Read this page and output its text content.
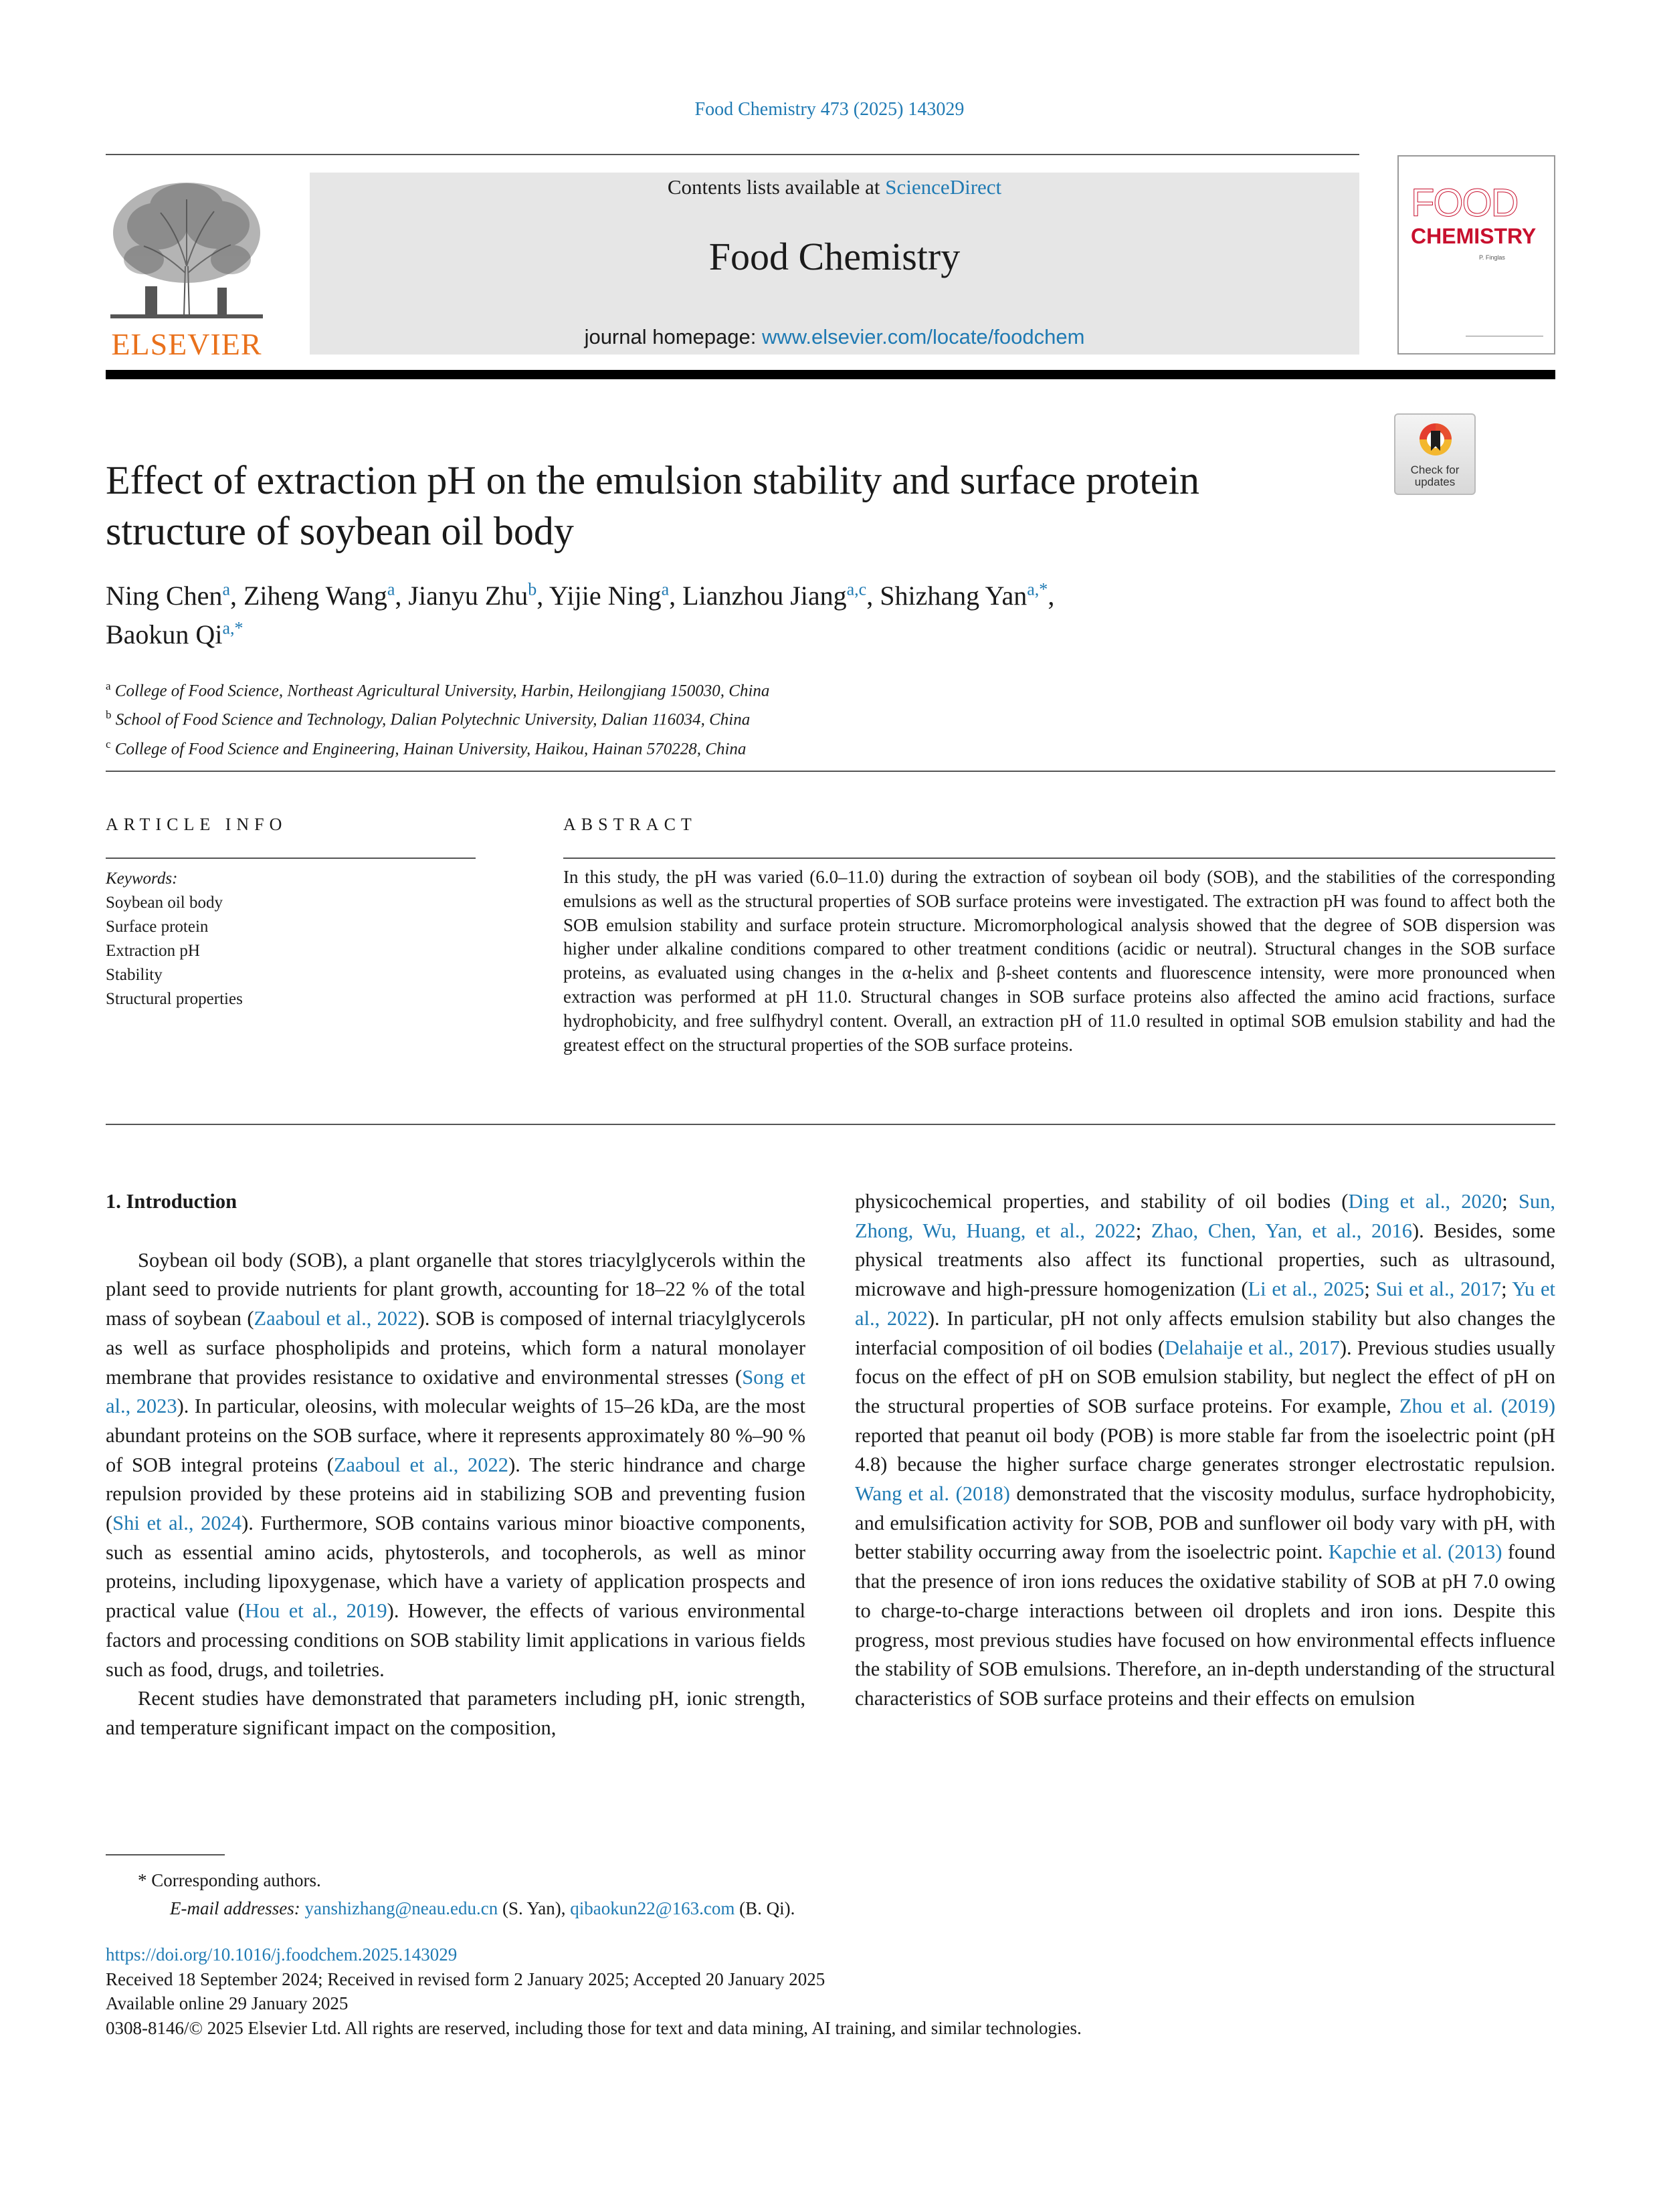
Food Chemistry 473 (2025) 143029
ELSEVIER
Contents lists available at ScienceDirect
Food Chemistry
journal homepage: www.elsevier.com/locate/foodchem
FOOD
CHEMISTRY
P. Finglas
Check for
updates
Effect of extraction pH on the emulsion stability and surface protein
structure of soybean oil body
Ning Chen$^a$, Ziheng Wang$^a$, Jianyu Zhu$^b$, Yijie Ning$^a$, Lianzhou Jiang$^{a,c}$, Shizhang Yan$^{a,*}$,
Baokun $Qi^{a,*}$
$^a$ College of Food Science, Northeast Agricultural University, Harbin, Heilongjiang 150030, China
$^b$ School of Food Science and Technology, Dalian Polytechnic University, Dalian 116034, China
$^c$ College of Food Science and Engineering, Hainan University, Haikou, Hainan 570228, China
ARTICLE INFO	ABSTRACT
Keywords:
Soybean oil body
Surface protein
Extraction pH
Stability
Structural properties
In this study, the pH was varied (6.0–11.0) during the extraction of soybean oil body (SOB), and the stabilities of the corresponding emulsions as well as the structural properties of SOB surface proteins were investigated. The extraction pH was found to affect both the SOB emulsion stability and surface protein structure. Micromorphological analysis showed that the degree of SOB dispersion was higher under alkaline conditions compared to other treatment conditions (acidic or neutral). Structural changes in the SOB surface proteins, as evaluated using changes in the α-helix and β-sheet contents and fluorescence intensity, were more pronounced when extraction was performed at pH 11.0. Structural changes in SOB surface proteins also affected the amino acid fractions, surface hydrophobicity, and free sulfhydryl content. Overall, an extraction pH of 11.0 resulted in optimal SOB emulsion stability and had the greatest effect on the structural properties of the SOB surface proteins.
1. Introduction

Soybean oil body (SOB), a plant organelle that stores triacylglycerols within the plant seed to provide nutrients for plant growth, accounting for 18–22 % of the total mass of soybean (Zaaboul et al., 2022). SOB is composed of internal triacylglycerols as well as surface phospholipids and proteins, which form a natural monolayer membrane that provides resistance to oxidative and environmental stresses (Song et al., 2023). In particular, oleosins, with molecular weights of 15–26 kDa, are the most abundant proteins on the SOB surface, where it represents approximately 80 %–90 % of SOB integral proteins (Zaaboul et al., 2022). The steric hindrance and charge repulsion provided by these proteins aid in stabilizing SOB and preventing fusion (Shi et al., 2024). Furthermore, SOB contains various minor bioactive components, such as essential amino acids, phytosterols, and tocopherols, as well as minor proteins, including lipoxygenase, which have a variety of application prospects and practical value (Hou et al., 2019). However, the effects of various environmental factors and processing conditions on SOB stability limit applications in various fields such as food, drugs, and toiletries.

Recent studies have demonstrated that parameters including pH, ionic strength, and temperature significant impact on the composition,

physicochemical properties, and stability of oil bodies (Ding et al., 2020; Sun, Zhong, Wu, Huang, et al., 2022; Zhao, Chen, Yan, et al., 2016). Besides, some physical treatments also affect its functional properties, such as ultrasound, microwave and high-pressure homogenization (Li et al., 2025; Sui et al., 2017; Yu et al., 2022). In particular, pH not only affects emulsion stability but also changes the interfacial composition of oil bodies (Delahaije et al., 2017). Previous studies usually focus on the effect of pH on SOB emulsion stability, but neglect the effect of pH on the structural properties of SOB surface proteins. For example, Zhou et al. (2019) reported that peanut oil body (POB) is more stable far from the isoelectric point (pH 4.8) because the higher surface charge generates stronger electrostatic repulsion. Wang et al. (2018) demonstrated that the viscosity modulus, surface hydrophobicity, and emulsification activity for SOB, POB and sunflower oil body vary with pH, with better stability occurring away from the isoelectric point. Kapchie et al. (2013) found that the presence of iron ions reduces the oxidative stability of SOB at pH 7.0 owing to charge-to-charge interactions between oil droplets and iron ions. Despite this progress, most previous studies have focused on how environmental effects influence the stability of SOB emulsions. Therefore, an in-depth understanding of the structural characteristics of SOB surface proteins and their effects on emulsion

* Corresponding authors.
E-mail addresses: yanshizhang@neau.edu.cn (S. Yan), qibaokun22@163.com (B. Qi).
https://doi.org/10.1016/j.foodchem.2025.143029
Received 18 September 2024; Received in revised form 2 January 2025; Accepted 20 January 2025
Available online 29 January 2025
0308-8146/© 2025 Elsevier Ltd. All rights are reserved, including those for text and data mining, AI training, and similar technologies.
